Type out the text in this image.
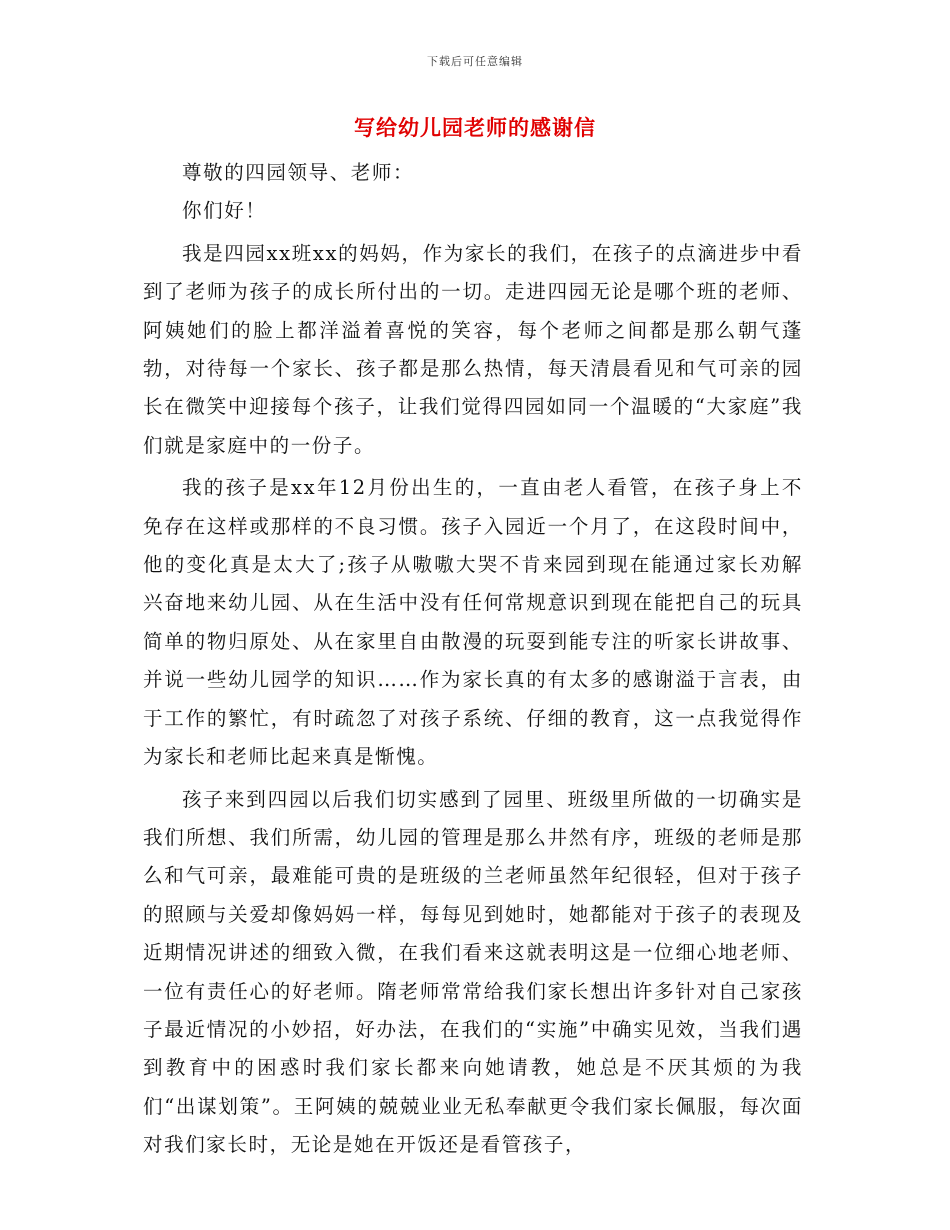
下载后可任意编辑
写给幼儿园老师的感谢信

尊敬的四园领导、老师：

你们好！

我是四园xx班xx的妈妈，作为家长的我们，在孩子的点滴进步中看到了老师为孩子的成长所付出的一切。走进四园无论是哪个班的老师、阿姨她们的脸上都洋溢着喜悦的笑容，每个老师之间都是那么朝气蓬勃，对待每一个家长、孩子都是那么热情，每天清晨看见和气可亲的园长在微笑中迎接每个孩子，让我们觉得四园如同一个温暖的“大家庭”我们就是家庭中的一份子。

我的孩子是xx年12月份出生的，一直由老人看管，在孩子身上不免存在这样或那样的不良习惯。孩子入园近一个月了，在这段时间中，他的变化真是太大了;孩子从嗷嗷大哭不肯来园到现在能通过家长劝解兴奋地来幼儿园、从在生活中没有任何常规意识到现在能把自己的玩具简单的物归原处、从在家里自由散漫的玩耍到能专注的听家长讲故事、并说一些幼儿园学的知识……作为家长真的有太多的感谢溢于言表，由于工作的繁忙，有时疏忽了对孩子系统、仔细的教育，这一点我觉得作为家长和老师比起来真是惭愧。

孩子来到四园以后我们切实感到了园里、班级里所做的一切确实是我们所想、我们所需，幼儿园的管理是那么井然有序，班级的老师是那么和气可亲，最难能可贵的是班级的兰老师虽然年纪很轻，但对于孩子的照顾与关爱却像妈妈一样，每每见到她时，她都能对于孩子的表现及近期情况讲述的细致入微，在我们看来这就表明这是一位细心地老师、一位有责任心的好老师。隋老师常常给我们家长想出许多针对自己家孩子最近情况的小妙招，好办法，在我们的“实施”中确实见效，当我们遇到教育中的困惑时我们家长都来向她请教，她总是不厌其烦的为我们“出谋划策”。王阿姨的兢兢业业无私奉献更令我们家长佩服，每次面对我们家长时，无论是她在开饭还是看管孩子，
